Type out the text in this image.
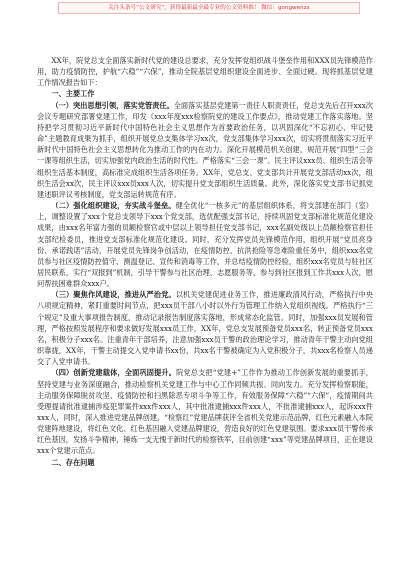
关注头条号“公文研究”，获得最新最全最专业的公文资料推！ 微信：gongwenzx

XX年，院党总支全面落实新时代党的建设总要求，充分发挥党组织战斗堡垒作用和XXX员先锋模范作用，助力疫情防控，护航“六稳”“六保”，推动全院基层党组织建设全面进步、全面过硬。现将抓基层党建工作情况报告如下：

一、主要工作

（一）突出思想引领，落实党管责任。全面落实基层党建第一责任人职责责任，党总支先后召开xxx次会议专题研究部署党建工作，印发《xxx年度xxx检察院党的建设工作要点》，推动党建工作落实落地。坚持把学习贯彻习近平新时代中国特色社会主义思想作为首要政治任务，以巩固深化“不忘初心、牢记使命”主题教育成果为抓手，组织开展党总支集体学习xx次，党支部集体学习xxx次，切实将贯彻落实习近平新时代中国特色社会主义思想转化为推动工作的内在动力。深化开展模范机关创建，规范开展“四型”三会一课等组织生活，切实加强党内政治生活的时代性。严格落实“三会一课”、民主评议xxx员、组织生活会等组织生活基本制度，高标准完成组织生活各项任务。XX年，党总支、党支部共计开展党支部活动xx次，组织生活会xx次，民主评议xxx员xxx人次，切实提升党支部组织生活质量。此外，深化落实党支部书记抓党建述职评议考核制度，党支部运转规范有序。

（二）强化组织建设，夯实战斗堡垒。健全优化“一核多元”的基层组织体系，将支部建在部门（室）上，调整设置了xxx个党总支领导下xxx个党支部，选优配强支部书记，持续巩固党支部标准化规范化建设成果，由xxx名年富力强的员额检察官或中层以上领导担任党支部书记，xxx名副处级以上员额检察官担任支部纪检委员，推进党支部标准化规范化建设。同时，充分发挥党员先锋模范作用，组织开展“党员亮身份、承诺践诺”活动，开展党员先锋岗争创活动，在疫情防控、抗洪抢险等急难险重任务中，组织xxx名党员参与社区疫情防控值守、测温登记、宣传和消毒等工作，并总结疫情防控经验，组织xxx名党员与驻社区居民联系，实行“双报到”机制，引导干警参与社区治理、志愿服务等，参与到社区报到工作共xxx人次，慰问帮扶困难群众xxx户。

（三）聚焦作风建设，推进从严治党。以机关党建促进业务工作，推进廉政清风行动，严格执行中央八项规定精神，紧盯重要时间节点，把xxx员干部八小时以外行为管理工作纳入党组织视线。严格执行“三个规定”及重大事项报告制度，推动记录报告制度落实落地，形成常态化监管。同时，加强xxx员发展和管理，严格按照发展程序和要求做好发展xxx员工作，XX年，党总支发展预备党员xxx名，转正预备党员xxx名，积极分子xxx名。注重青年干部培养，注意加强xxx员干警的政治理论学习，推动青年干警主动向党组织靠拢，XX年，干警主动提交入党申请书xx份，共xx名干警被确定为入党积极分子，共xxx名检察人员递交了入党申请书。

（四）创新党建载体，全面巩固提升。院党总支把“党建+”工作作为推动工作创新发展的重要抓手，坚持党建与业务深度融合，推动检察机关党建工作与中心工作同频共振、同向发力。充分发挥检察职能，主动服务保障脱贫攻坚、疫情防控和扫黑除恶专项斗争等工作，有效服务保障“六稳”“六保”，疫情期间共受理提请批准逮捕涉疫犯罪案件xxx件xxx人，其中批准逮捕xxx件xxx人，不批准逮捕xxx人，起诉xxx件xxx人，同时，深入推进党建品牌创建，“检察红”党建品牌获评全省机关党建示范品牌，红色元素融入本院党建阵地建设，将红色文化、红色基因融入党建品牌建设，营造良好的红色党建氛围。要求xxx员干警传承红色基因，发扬斗争精神，锤炼一支无愧于新时代的检察铁军，目前创建“xxx”等党建品牌项目，正在建设xxx个党建示范点。

二、存在问题
